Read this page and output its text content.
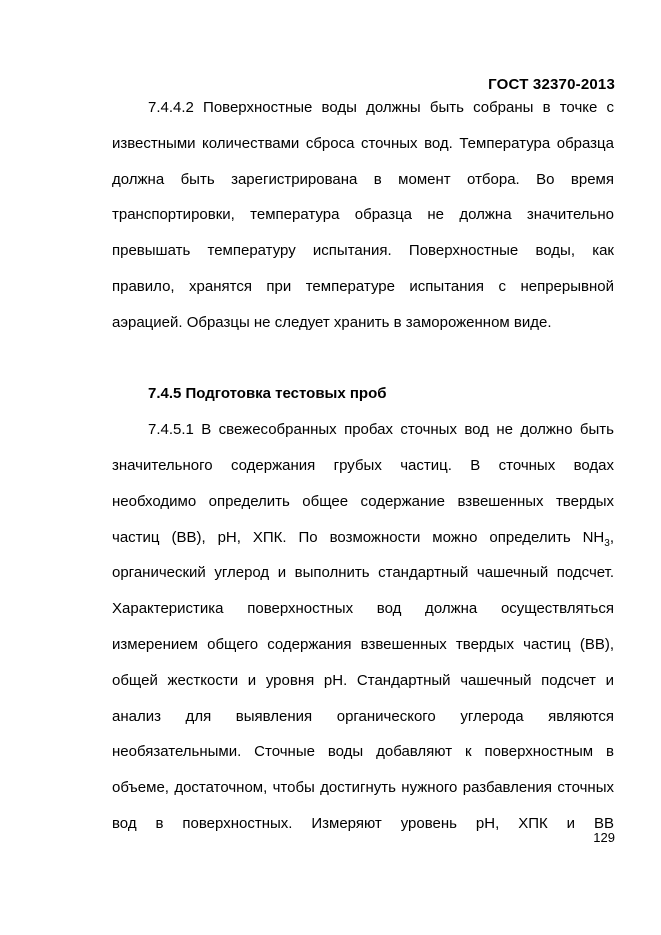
ГОСТ 32370-2013
7.4.4.2 Поверхностные воды должны быть собраны в точке с
известными количествами сброса сточных вод. Температура образца
должна быть зарегистрирована в момент отбора. Во время
транспортировки, температура образца не должна значительно
превышать температуру испытания. Поверхностные воды, как
правило, хранятся при температуре испытания с непрерывной
аэрацией. Образцы не следует хранить в замороженном виде.
7.4.5 Подготовка тестовых проб
7.4.5.1 В свежесобранных пробах сточных вод не должно быть
значительного содержания грубых частиц. В сточных водах
необходимо определить общее содержание взвешенных твердых
частиц (ВВ), рН, ХПК. По возможности можно определить $NH_3$,
органический углерод и выполнить стандартный чашечный подсчет.
Характеристика поверхностных вод должна осуществляться
измерением общего содержания взвешенных твердых частиц (ВВ),
общей жесткости и уровня рН. Стандартный чашечный подсчет и
анализ для выявления органического углерода являются
необязательными. Сточные воды добавляют к поверхностным в
объеме, достаточном, чтобы достигнуть нужного разбавления сточных
вод в поверхностных. Измеряют уровень рН, ХПК и ВВ
129
